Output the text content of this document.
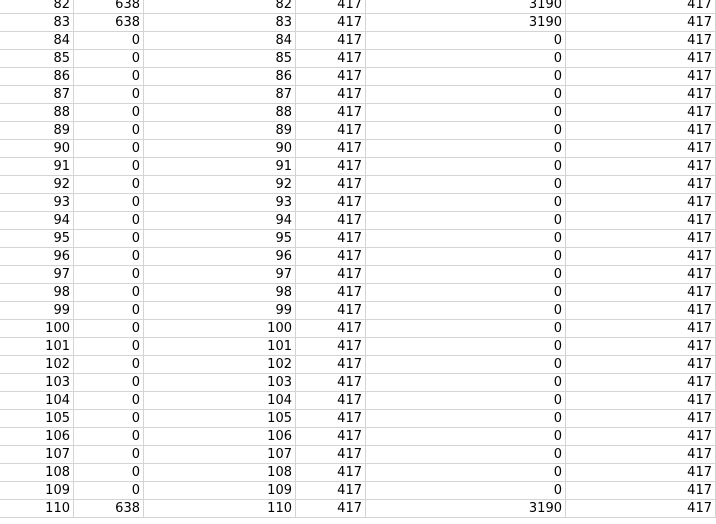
82	638	82	417	3190	417
83	638	83	417	3190	417
84	0	84	417	0	417
85	0	85	417	0	417
86	0	86	417	0	417
87	0	87	417	0	417
88	0	88	417	0	417
89	0	89	417	0	417
90	0	90	417	0	417
91	0	91	417	0	417
92	0	92	417	0	417
93	0	93	417	0	417
94	0	94	417	0	417
95	0	95	417	0	417
96	0	96	417	0	417
97	0	97	417	0	417
98	0	98	417	0	417
99	0	99	417	0	417
100	0	100	417	0	417
101	0	101	417	0	417
102	0	102	417	0	417
103	0	103	417	0	417
104	0	104	417	0	417
105	0	105	417	0	417
106	0	106	417	0	417
107	0	107	417	0	417
108	0	108	417	0	417
109	0	109	417	0	417
110	638	110	417	3190	417
